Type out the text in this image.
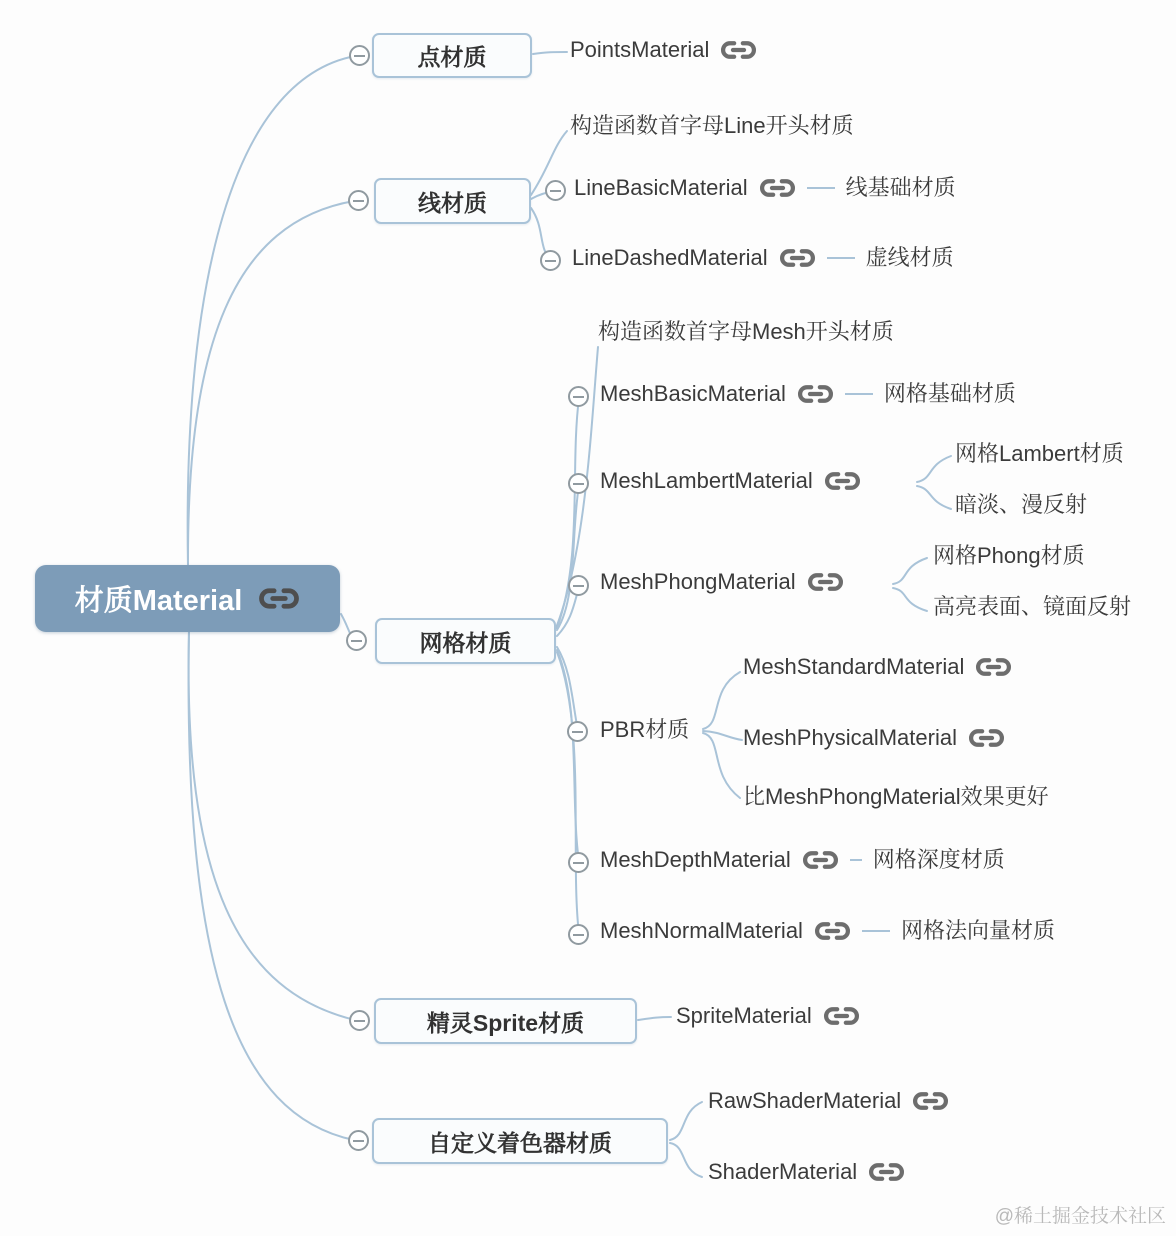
材质Material
点材质
线材质
网格材质
精灵Sprite材质
自定义着色器材质
PointsMaterial
构造函数首字母Line开头材质
LineBasicMaterial	线基础材质
LineDashedMaterial	虚线材质
构造函数首字母Mesh开头材质
MeshBasicMaterial	网格基础材质
网格Lambert材质
MeshLambertMaterial
暗淡、漫反射
网格Phong材质
MeshPhongMaterial
高亮表面、镜面反射
MeshStandardMaterial
PBR材质 MeshPhysicalMaterial
比MeshPhongMaterial效果更好
MeshDepthMaterial	网格深度材质
MeshNormalMaterial	网格法向量材质
SpriteMaterial
RawShaderMaterial
ShaderMaterial
@稀土掘金技术社区
